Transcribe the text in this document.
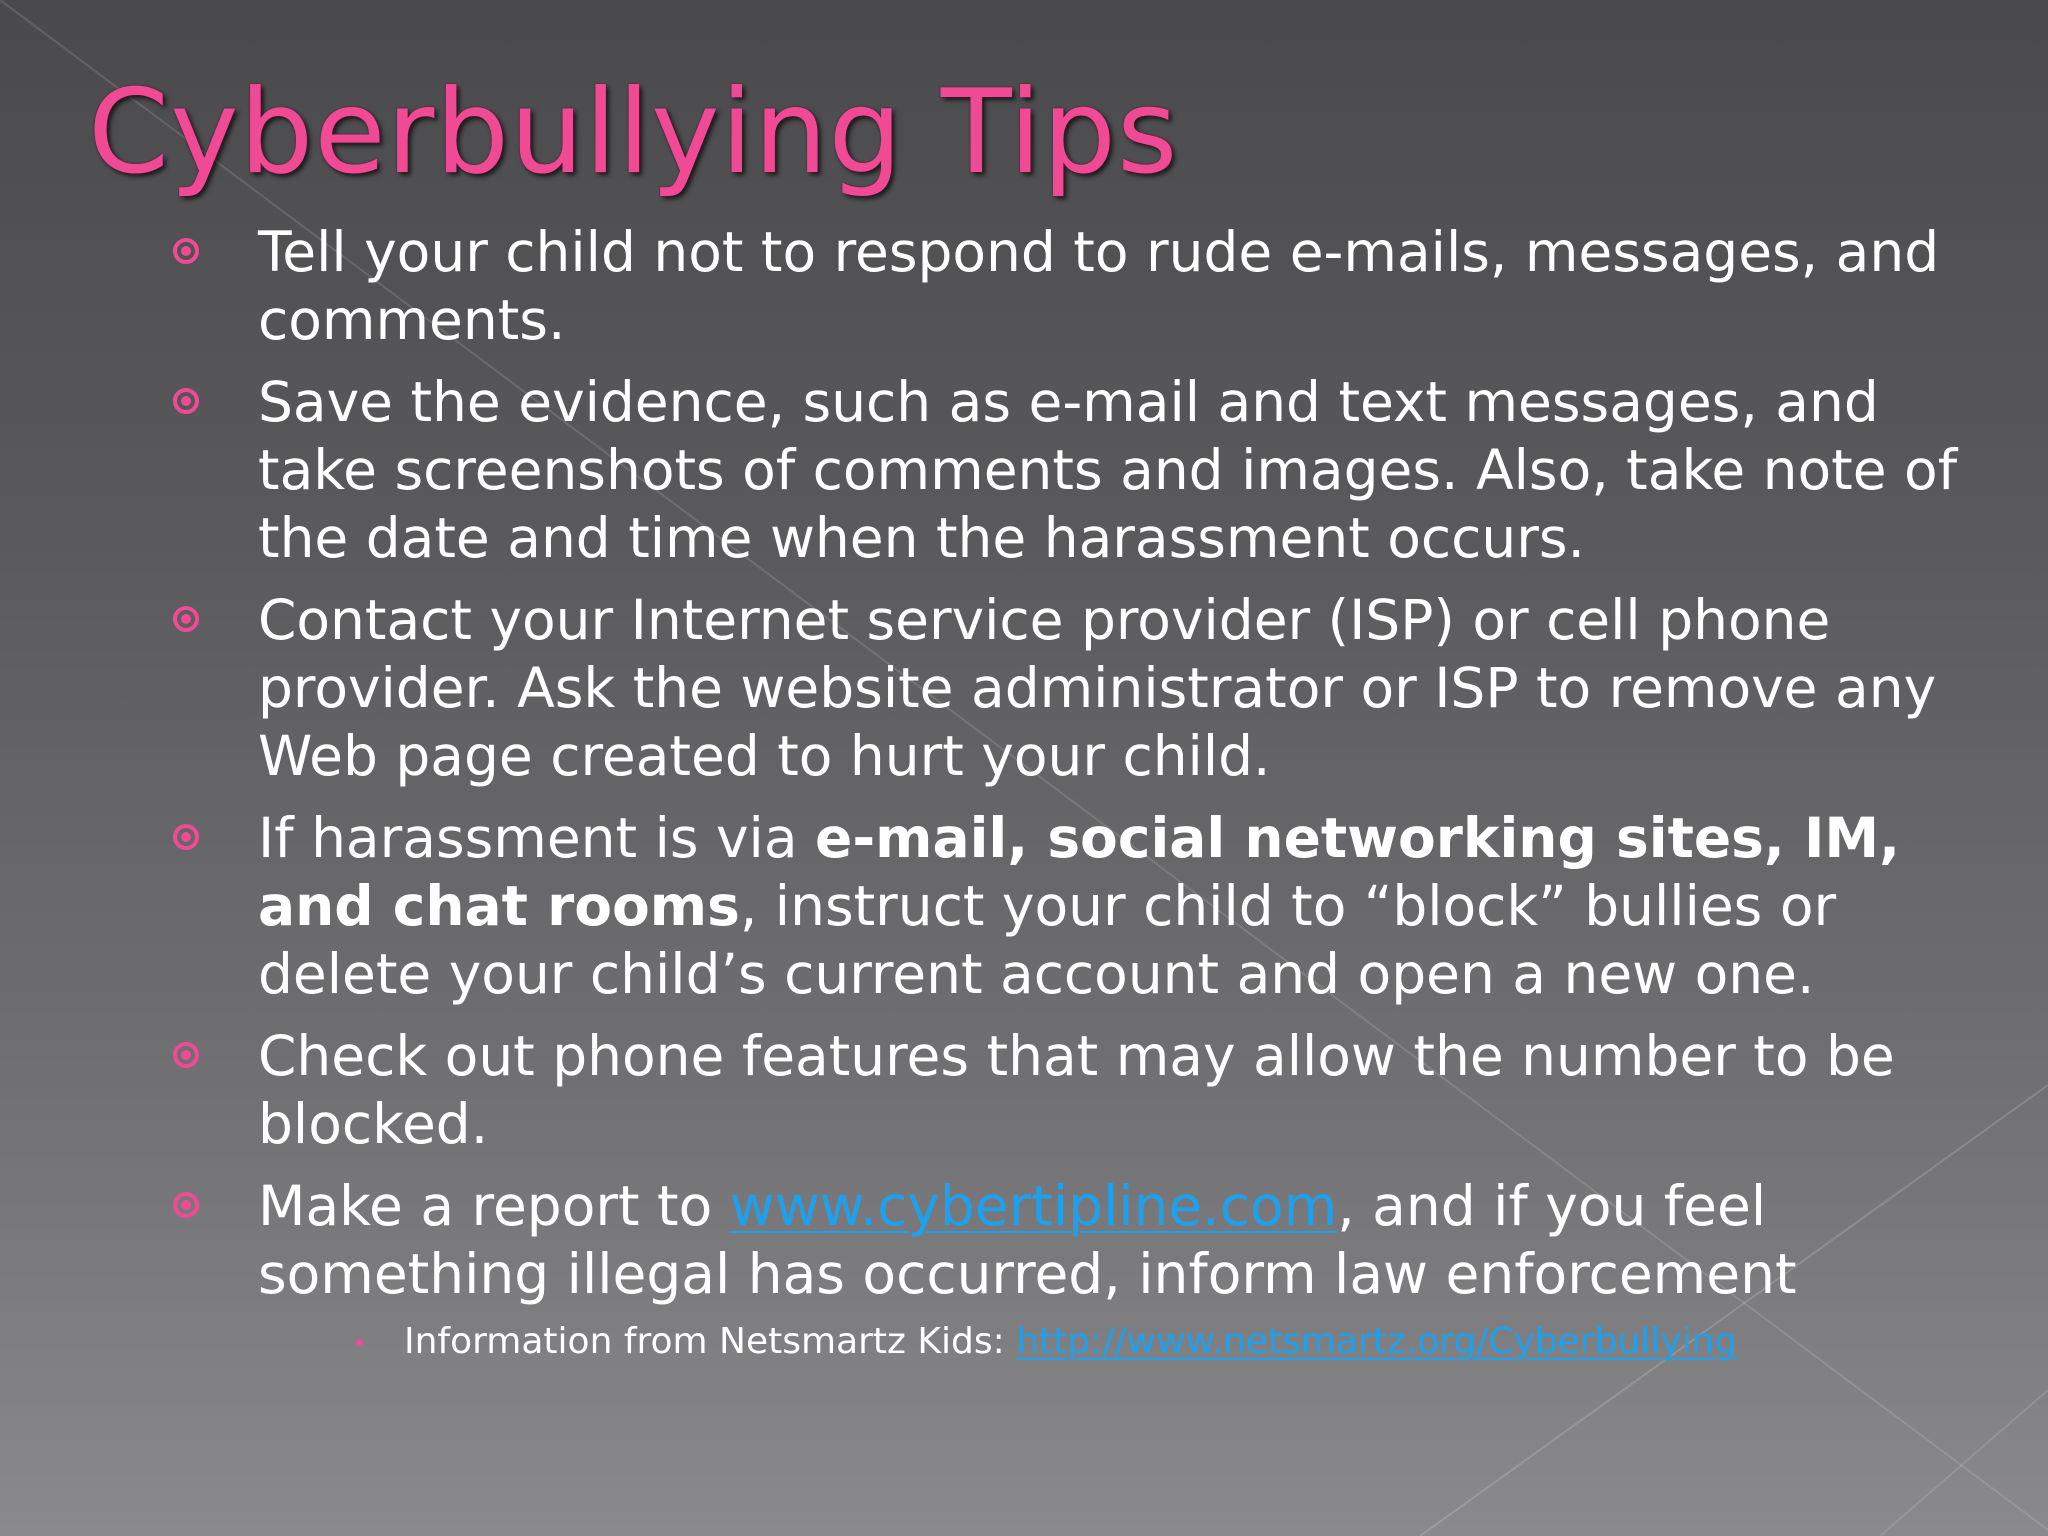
Cyberbullying Tips
Tell your child not to respond to rude e-mails, messages, and comments.
Save the evidence, such as e-mail and text messages, and take screenshots of comments and images. Also, take note of the date and time when the harassment occurs.
Contact your Internet service provider (ISP) or cell phone provider. Ask the website administrator or ISP to remove any Web page created to hurt your child.
If harassment is via e-mail, social networking sites, IM, and chat rooms, instruct your child to “block” bullies or delete your child’s current account and open a new one.
Check out phone features that may allow the number to be blocked.
Make a report to www.cybertipline.com, and if you feel something illegal has occurred, inform law enforcement
Information from Netsmartz Kids: http://www.netsmartz.org/Cyberbullying
